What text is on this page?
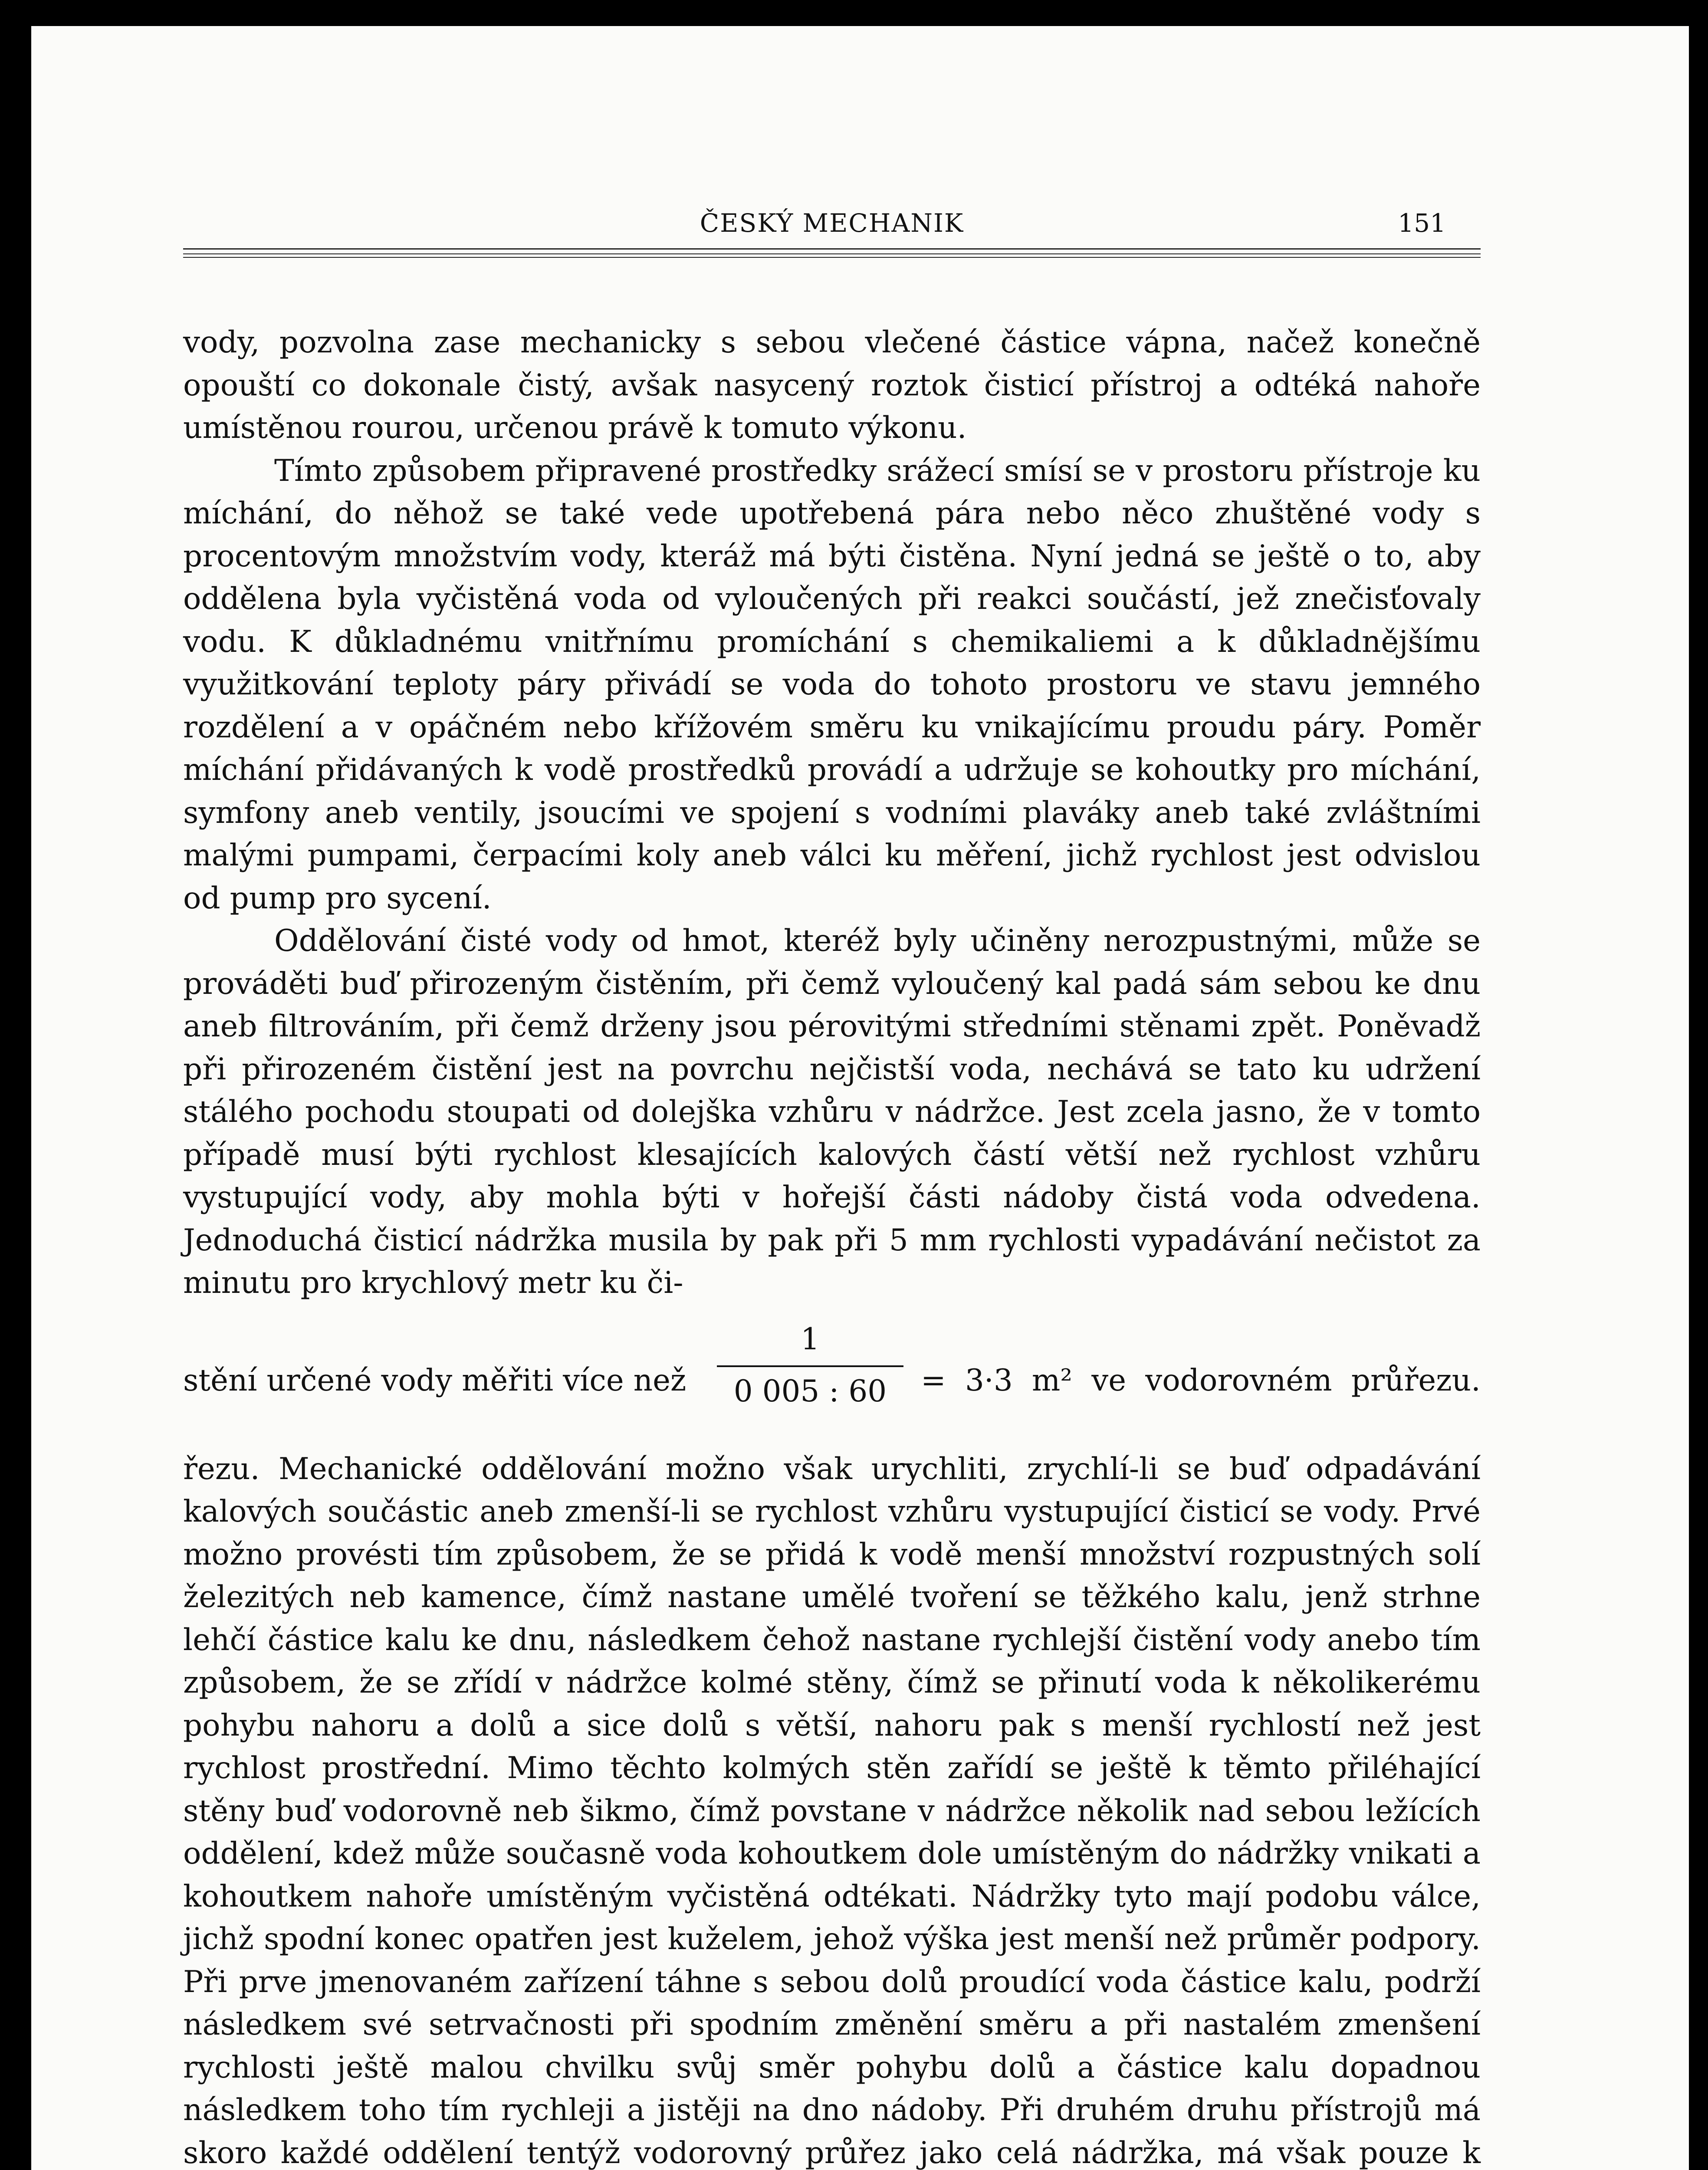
ČESKÝ MECHANIK	151

vody, pozvolna zase mechanicky s sebou vlečené částice vápna, načež konečně opouští co dokonale čistý, avšak nasycený roztok čisticí přístroj a odtéká nahoře umístěnou rourou, určenou právě k tomuto výkonu.

Tímto způsobem připravené prostředky srážecí smísí se v prostoru přístroje ku míchání, do něhož se také vede upotřebená pára nebo něco zhuštěné vody s procentovým množstvím vody, kteráž má býti čistěna. Nyní jedná se ještě o to, aby oddělena byla vyčistěná voda od vyloučených při reakci součástí, jež znečisťovaly vodu. K důkladnému vnitřnímu promíchání s chemikaliemi a k důkladnějšímu využitkování teploty páry přivádí se voda do tohoto prostoru ve stavu jemného rozdělení a v opáčném nebo křížovém směru ku vnikajícímu proudu páry. Poměr míchání přidávaných k vodě prostředků provádí a udržuje se kohoutky pro míchání, symfony aneb ventily, jsoucími ve spojení s vodními plaváky aneb také zvláštními malými pumpami, čerpacími koly aneb válci ku měření, jichž rychlost jest odvislou od pump pro sycení.

Oddělování čisté vody od hmot, kteréž byly učiněny nerozpustnými, může se prováděti buď přirozeným čistěním, při čemž vyloučený kal padá sám sebou ke dnu aneb filtrováním, při čemž drženy jsou pérovitými středními stěnami zpět. Poněvadž při přirozeném čistění jest na povrchu nejčistší voda, nechává se tato ku udržení stálého pochodu stoupati od dolejška vzhůru v nádržce. Jest zcela jasno, že v tomto případě musí býti rychlost klesajících kalových částí větší než rychlost vzhůru vystupující vody, aby mohla býti v hořejší části nádoby čistá voda odvedena. Jednoduchá čisticí nádržka musila by pak při 5 mm rychlosti vypadávání nečistot za minutu pro krychlový metr ku či-

stění určené vody měřiti více než
1
0 005 : 60	= 3·3 m² ve vodorovném průřezu.

řezu. Mechanické oddělování možno však urychliti, zrychlí-li se buď odpadávání kalových součástic aneb zmenší-li se rychlost vzhůru vystupující čisticí se vody. Prvé možno provésti tím způsobem, že se přidá k vodě menší množství rozpustných solí železitých neb kamence, čímž nastane umělé tvoření se těžkého kalu, jenž strhne lehčí částice kalu ke dnu, následkem čehož nastane rychlejší čistění vody anebo tím způsobem, že se zřídí v nádržce kolmé stěny, čímž se přinutí voda k několikerému pohybu nahoru a dolů a sice dolů s větší, nahoru pak s menší rychlostí než jest rychlost prostřední. Mimo těchto kolmých stěn zařídí se ještě k těmto přiléhající stěny buď vodorovně neb šikmo, čímž povstane v nádržce několik nad sebou ležících oddělení, kdež může současně voda kohoutkem dole umístěným do nádržky vnikati a kohoutkem nahoře umístěným vyčistěná odtékati. Nádržky tyto mají podobu válce, jichž spodní konec opatřen jest kuželem, jehož výška jest menší než průměr podpory. Při prve jmenovaném zařízení táhne s sebou dolů proudící voda částice kalu, podrží následkem své setrvačnosti při spodním změnění směru a při nastalém zmenšení rychlosti ještě malou chvilku svůj směr pohybu dolů a částice kalu dopadnou následkem toho tím rychleji a jistěji na dno nádoby. Při druhém druhu přístrojů má skoro každé oddělení tentýž vodorovný průřez jako celá nádržka, má však pouze k
